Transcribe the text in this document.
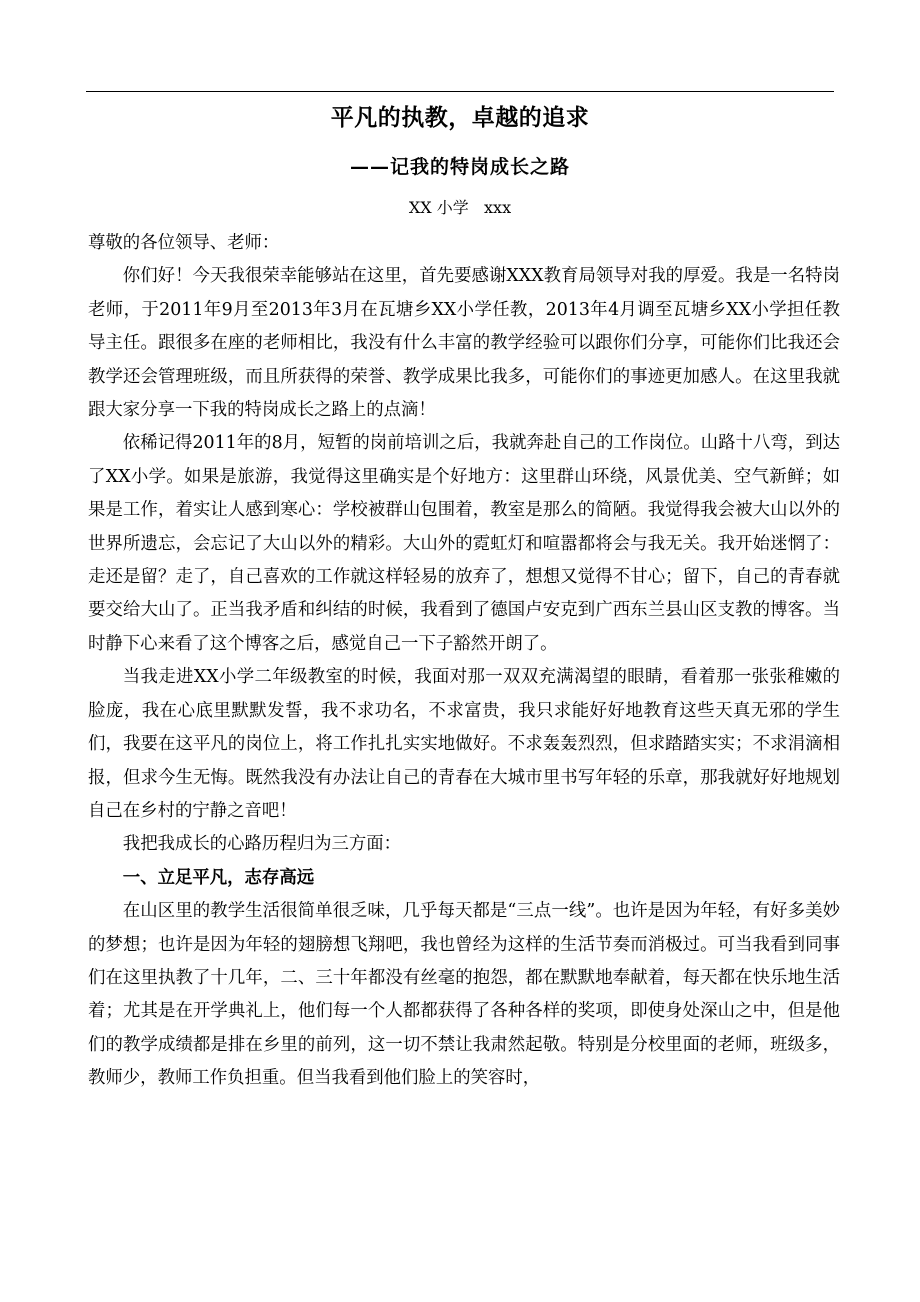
平凡的执教，卓越的追求
——记我的特岗成长之路
XX 小学   xxx

尊敬的各位领导、老师：

你们好！今天我很荣幸能够站在这里，首先要感谢XXX教育局领导对我的厚爱。我是一名特岗老师，于2011年9月至2013年3月在瓦塘乡XX小学任教，2013年4月调至瓦塘乡XX小学担任教导主任。跟很多在座的老师相比，我没有什么丰富的教学经验可以跟你们分享，可能你们比我还会教学还会管理班级，而且所获得的荣誉、教学成果比我多，可能你们的事迹更加感人。在这里我就跟大家分享一下我的特岗成长之路上的点滴！

依稀记得2011年的8月，短暂的岗前培训之后，我就奔赴自己的工作岗位。山路十八弯，到达了XX小学。如果是旅游，我觉得这里确实是个好地方：这里群山环绕，风景优美、空气新鲜；如果是工作，着实让人感到寒心：学校被群山包围着，教室是那么的简陋。我觉得我会被大山以外的世界所遗忘，会忘记了大山以外的精彩。大山外的霓虹灯和喧嚣都将会与我无关。我开始迷惘了：走还是留？走了，自己喜欢的工作就这样轻易的放弃了，想想又觉得不甘心；留下，自己的青春就要交给大山了。正当我矛盾和纠结的时候，我看到了德国卢安克到广西东兰县山区支教的博客。当时静下心来看了这个博客之后，感觉自己一下子豁然开朗了。

当我走进XX小学二年级教室的时候，我面对那一双双充满渴望的眼睛，看着那一张张稚嫩的脸庞，我在心底里默默发誓，我不求功名，不求富贵，我只求能好好地教育这些天真无邪的学生们，我要在这平凡的岗位上，将工作扎扎实实地做好。不求轰轰烈烈，但求踏踏实实；不求涓滴相报，但求今生无悔。既然我没有办法让自己的青春在大城市里书写年轻的乐章，那我就好好地规划自己在乡村的宁静之音吧！

我把我成长的心路历程归为三方面：

一、立足平凡，志存高远

在山区里的教学生活很简单很乏味，几乎每天都是“三点一线”。也许是因为年轻，有好多美妙的梦想；也许是因为年轻的翅膀想飞翔吧，我也曾经为这样的生活节奏而消极过。可当我看到同事们在这里执教了十几年，二、三十年都没有丝毫的抱怨，都在默默地奉献着，每天都在快乐地生活着；尤其是在开学典礼上，他们每一个人都都获得了各种各样的奖项，即使身处深山之中，但是他们的教学成绩都是排在乡里的前列，这一切不禁让我肃然起敬。特别是分校里面的老师，班级多，教师少，教师工作负担重。但当我看到他们脸上的笑容时，
